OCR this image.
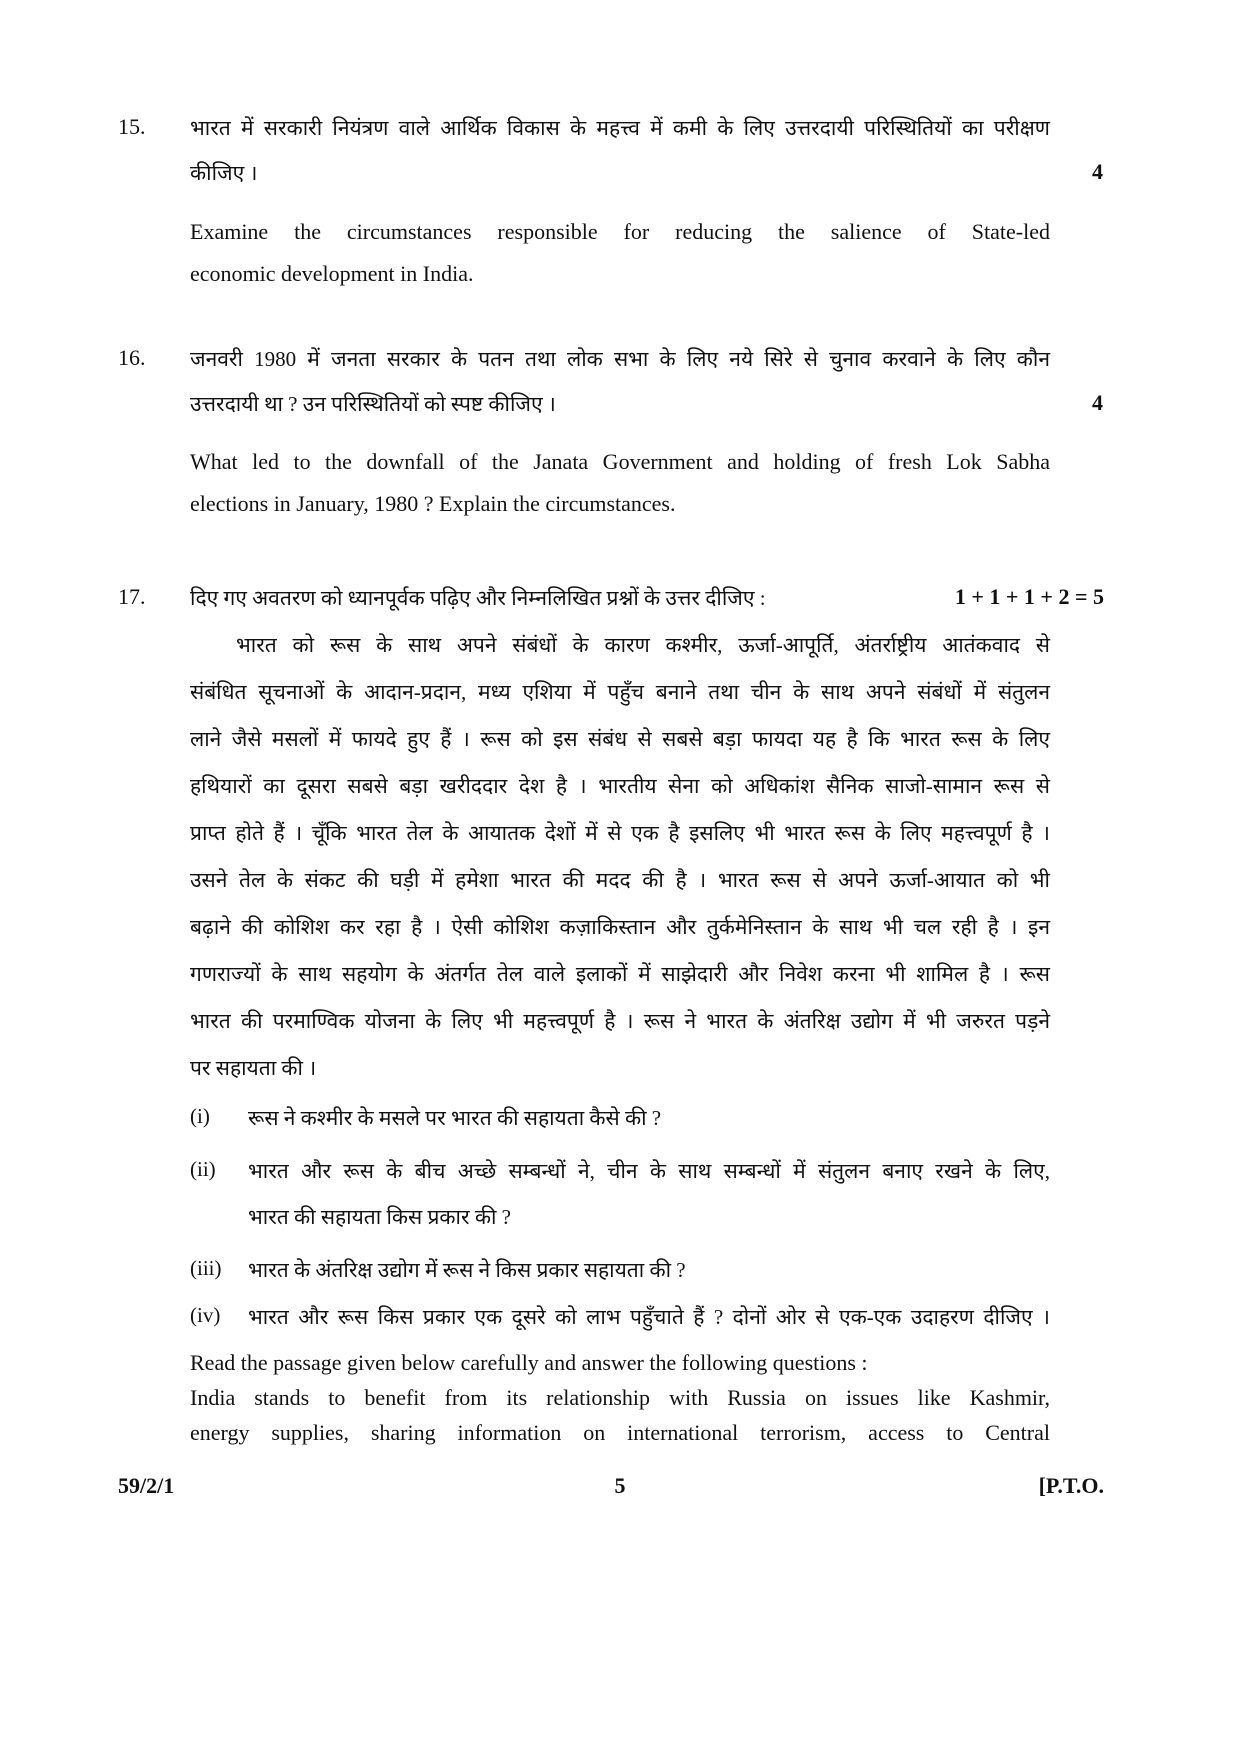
15. भारत में सरकारी नियंत्रण वाले आर्थिक विकास के महत्त्व में कमी के लिए उत्तरदायी परिस्थितियों का परीक्षण
कीजिए ।	4
Examine the circumstances responsible for reducing the salience of State-led
economic development in India.
16. जनवरी 1980 में जनता सरकार के पतन तथा लोक सभा के लिए नये सिरे से चुनाव करवाने के लिए कौन
उत्तरदायी था ? उन परिस्थितियों को स्पष्ट कीजिए ।	4
What led to the downfall of the Janata Government and holding of fresh Lok Sabha
elections in January, 1980 ? Explain the circumstances.
17. दिए गए अवतरण को ध्यानपूर्वक पढ़िए और निम्नलिखित प्रश्नों के उत्तर दीजिए :	1 + 1 + 1 + 2 = 5
भारत को रूस के साथ अपने संबंधों के कारण कश्मीर, ऊर्जा-आपूर्ति, अंतर्राष्ट्रीय आतंकवाद से
संबंधित सूचनाओं के आदान-प्रदान, मध्य एशिया में पहुँच बनाने तथा चीन के साथ अपने संबंधों में संतुलन
लाने जैसे मसलों में फायदे हुए हैं । रूस को इस संबंध से सबसे बड़ा फायदा यह है कि भारत रूस के लिए
हथियारों का दूसरा सबसे बड़ा खरीददार देश है । भारतीय सेना को अधिकांश सैनिक साजो-सामान रूस से
प्राप्त होते हैं । चूँकि भारत तेल के आयातक देशों में से एक है इसलिए भी भारत रूस के लिए महत्त्वपूर्ण है ।
उसने तेल के संकट की घड़ी में हमेशा भारत की मदद की है । भारत रूस से अपने ऊर्जा-आयात को भी
बढ़ाने की कोशिश कर रहा है । ऐसी कोशिश कज़ाकिस्तान और तुर्कमेनिस्तान के साथ भी चल रही है । इन
गणराज्यों के साथ सहयोग के अंतर्गत तेल वाले इलाकों में साझेदारी और निवेश करना भी शामिल है । रूस
भारत की परमाण्विक योजना के लिए भी महत्त्वपूर्ण है । रूस ने भारत के अंतरिक्ष उद्योग में भी जरुरत पड़ने
पर सहायता की ।
(i) रूस ने कश्मीर के मसले पर भारत की सहायता कैसे की ?
(ii) भारत और रूस के बीच अच्छे सम्बन्धों ने, चीन के साथ सम्बन्धों में संतुलन बनाए रखने के लिए,
भारत की सहायता किस प्रकार की ?
(iii) भारत के अंतरिक्ष उद्योग में रूस ने किस प्रकार सहायता की ?
(iv) भारत और रूस किस प्रकार एक दूसरे को लाभ पहुँचाते हैं ? दोनों ओर से एक-एक उदाहरण दीजिए ।
Read the passage given below carefully and answer the following questions :
India stands to benefit from its relationship with Russia on issues like Kashmir,
energy supplies, sharing information on international terrorism, access to Central
59/2/1	5	[P.T.O.
